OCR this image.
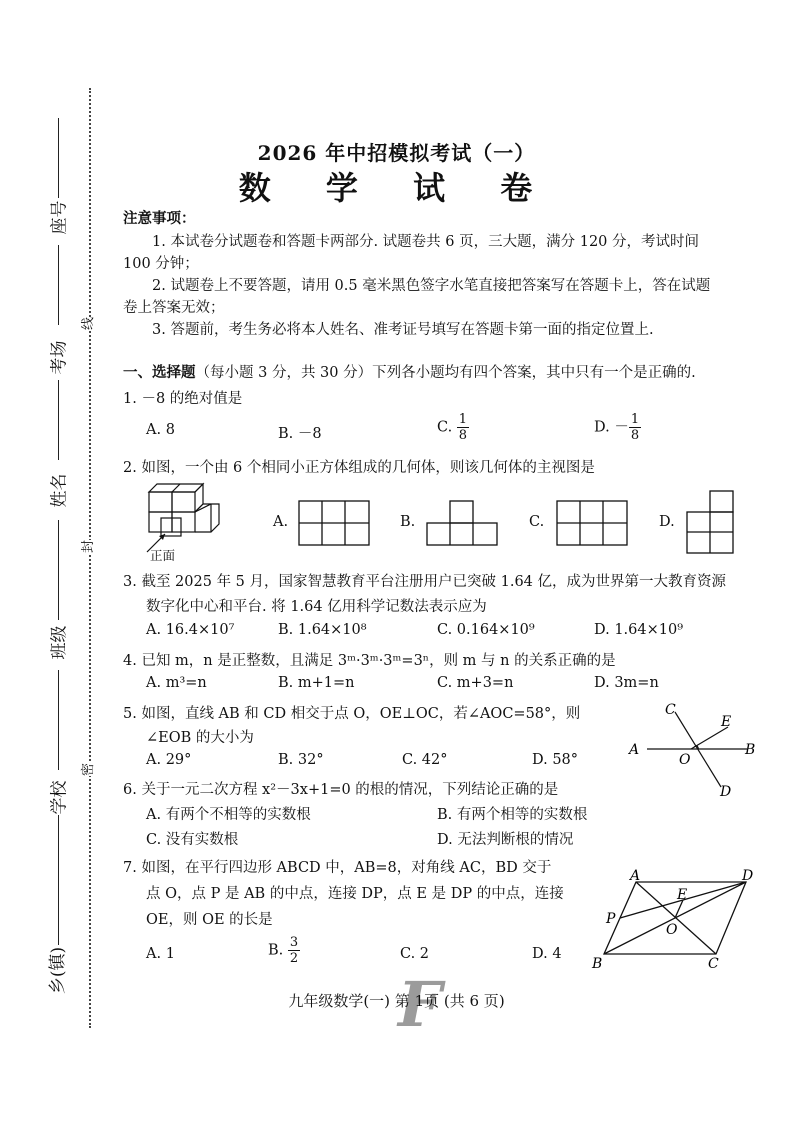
座号
考场
姓名
班级
学校
乡(镇)
线
封
密
2026 年中招模拟考试（一）
数 学 试 卷
注意事项：
1. 本试卷分试题卷和答题卡两部分. 试题卷共 6 页，三大题，满分 120 分，考试时间
100 分钟；
2. 试题卷上不要答题，请用 0.5 毫米黑色签字水笔直接把答案写在答题卡上，答在试题
卷上答案无效；
3. 答题前，考生务必将本人姓名、准考证号填写在答题卡第一面的指定位置上.
一、选择题（每小题 3 分，共 30 分）下列各小题均有四个答案，其中只有一个是正确的.
1. －8 的绝对值是
A. 8	B. －8	C. $\frac{1}{8}$	D. － $\frac{1}{8}$
2. 如图，一个由 6 个相同小正方体组成的几何体，则该几何体的主视图是
正面
A.	B.	C.	D.
3. 截至 2025 年 5 月，国家智慧教育平台注册用户已突破 1.64 亿，成为世界第一大教育资源
数字化中心和平台. 将 1.64 亿用科学记数法表示应为
A. 16.4×10⁷	B. 1.64×10⁸	C. 0.164×10⁹	D. 1.64×10⁹
4. 已知 m，n 是正整数，且满足 3ᵐ·3ᵐ·3ᵐ=3ⁿ，则 m 与 n 的关系正确的是
A. m³=n	B. m+1=n	C. m+3=n	D. 3m=n
5. 如图，直线 AB 和 CD 相交于点 O，OE⊥OC，若∠AOC=58°，则
∠EOB 的大小为
A. 29°	B. 32°	C. 42°	D. 58°
A	B
C
D
E
O
6. 关于一元二次方程 x²－3x+1=0 的根的情况，下列结论正确的是
A. 有两个不相等的实数根	B. 有两个相等的实数根
C. 没有实数根	D. 无法判断根的情况
7. 如图，在平行四边形 ABCD 中，AB=8，对角线 AC，BD 交于
点 O，点 P 是 AB 的中点，连接 DP，点 E 是 DP 的中点，连接
OE，则 OE 的长是
A. 1	B. $\frac{3}{2}$	C. 2	D. 4
A
B	C
D
E
O
P
F
九年级数学(一) 第 1页 (共 6 页)
